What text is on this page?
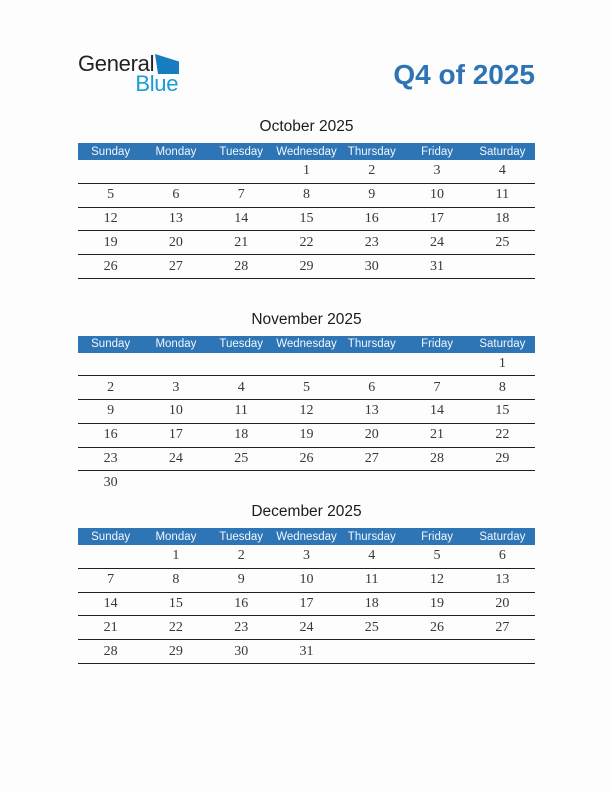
General
Blue	Q4 of 2025
October 2025
Sunday	Monday	Tuesday	Wednesday	Thursday	Friday	Saturday
			1	2	3	4
5	6	7	8	9	10	11
12	13	14	15	16	17	18
19	20	21	22	23	24	25
26	27	28	29	30	31	
November 2025
Sunday	Monday	Tuesday	Wednesday	Thursday	Friday	Saturday
						1
2	3	4	5	6	7	8
9	10	11	12	13	14	15
16	17	18	19	20	21	22
23	24	25	26	27	28	29
30						
December 2025
Sunday	Monday	Tuesday	Wednesday	Thursday	Friday	Saturday
	1	2	3	4	5	6
7	8	9	10	11	12	13
14	15	16	17	18	19	20
21	22	23	24	25	26	27
28	29	30	31			
